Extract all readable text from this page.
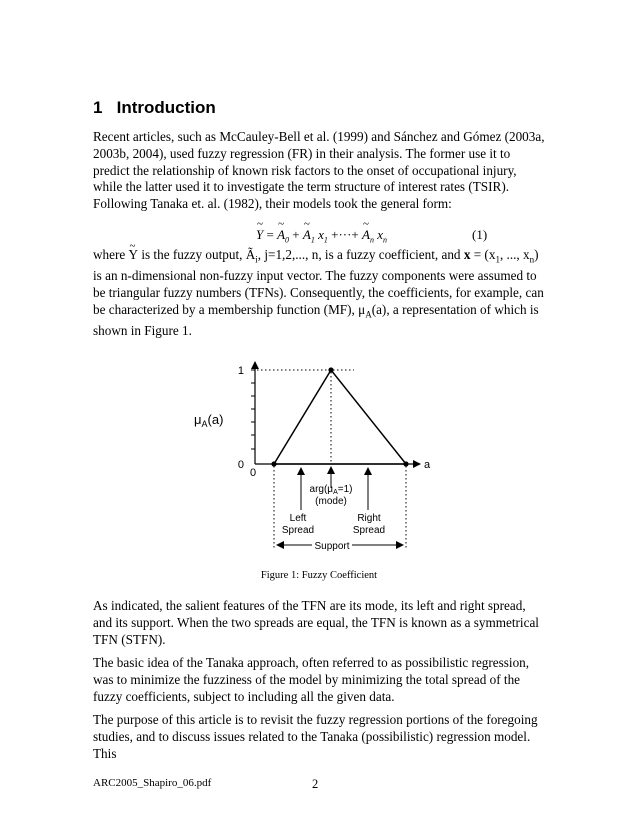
1 Introduction

Recent articles, such as McCauley-Bell et al. (1999) and Sánchez and Gómez (2003a, 2003b, 2004), used fuzzy regression (FR) in their analysis. The former use it to predict the relationship of known risk factors to the onset of occupational injury, while the latter used it to investigate the term structure of interest rates (TSIR). Following Tanaka et. al. (1982), their models took the general form:

~ Y = ~ $A_0$ + ~ $A_1$ $x_1$ +···+ ~ $A_n$ $x_n$	(1)

where ~ Y is the fuzzy output, $Ã_i$, j=1,2,..., n, is a fuzzy coefficient, and $x = (x_1$, ..., $x_n$) is an n-dimensional non-fuzzy input vector. The fuzzy components were assumed to be triangular fuzzy numbers (TFNs). Consequently, the coefficients, for example, can be characterized by a membership function (MF), $\mu_A(a)$, a representation of which is shown in Figure 1.

1
0
0
a
$\mu_A(a)$
$arg(\mu_A=1)$
(mode)
Left
Spread
Right
Spread
Support
Figure 1: Fuzzy Coefficient

As indicated, the salient features of the TFN are its mode, its left and right spread, and its support. When the two spreads are equal, the TFN is known as a symmetrical TFN (STFN).

The basic idea of the Tanaka approach, often referred to as possibilistic regression, was to minimize the fuzziness of the model by minimizing the total spread of the fuzzy coefficients, subject to including all the given data.

The purpose of this article is to revisit the fuzzy regression portions of the foregoing studies, and to discuss issues related to the Tanaka (possibilistic) regression model. This

ARC2005_Shapiro_06.pdf	2
